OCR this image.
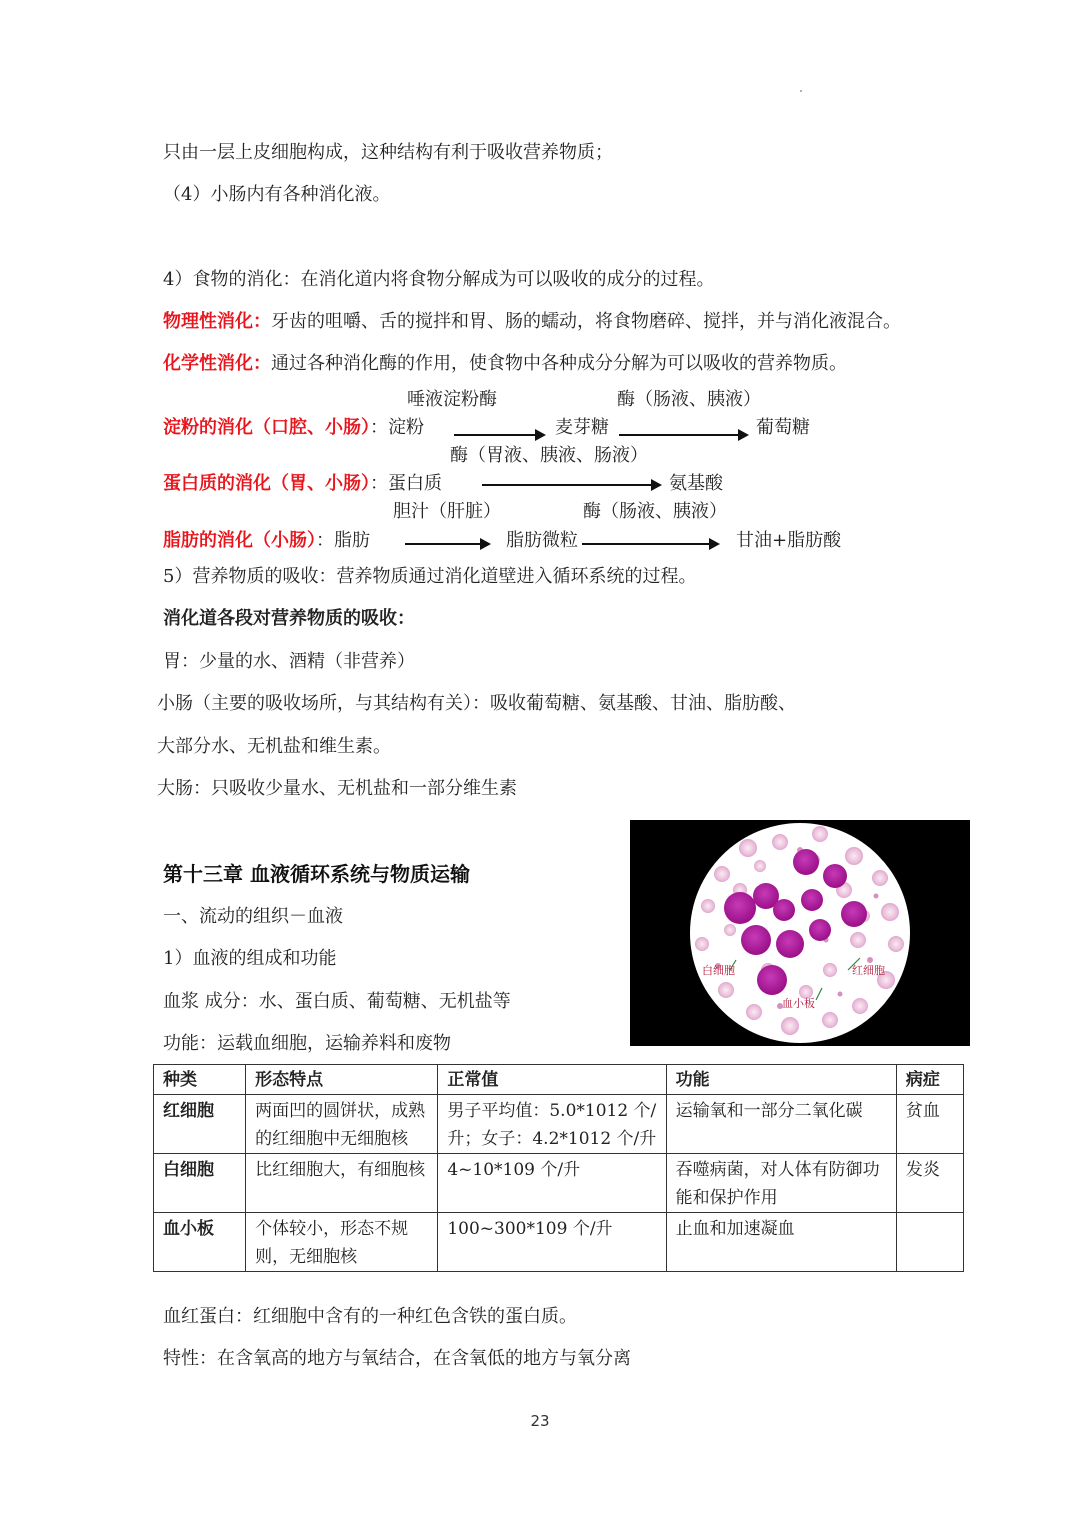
只由一层上皮细胞构成，这种结构有利于吸收营养物质；
（4）小肠内有各种消化液。
4）食物的消化：在消化道内将食物分解成为可以吸收的成分的过程。
物理性消化：牙齿的咀嚼、舌的搅拌和胃、肠的蠕动，将食物磨碎、搅拌，并与消化液混合。
化学性消化：通过各种消化酶的作用，使食物中各种成分分解为可以吸收的营养物质。
唾液淀粉酶	酶（肠液、胰液）
淀粉的消化（口腔、小肠）：淀粉	麦芽糖	葡萄糖
酶（胃液、胰液、肠液）
蛋白质的消化（胃、小肠）：蛋白质	氨基酸
胆汁（肝脏）	酶（肠液、胰液）
脂肪的消化（小肠）：脂肪	脂肪微粒	甘油+脂肪酸
5）营养物质的吸收：营养物质通过消化道壁进入循环系统的过程。
消化道各段对营养物质的吸收：
胃：少量的水、酒精（非营养）
小肠（主要的吸收场所，与其结构有关）：吸收葡萄糖、氨基酸、甘油、脂肪酸、
大部分水、无机盐和维生素。
大肠：只吸收少量水、无机盐和一部分维生素
第十三章 血液循环系统与物质运输
一、流动的组织－血液
1）血液的组成和功能
血浆 成分：水、蛋白质、葡萄糖、无机盐等
功能：运载血细胞，运输养料和废物
白细胞	红细胞
血小板
种类	形态特点	正常值	功能	病症
红细胞	两面凹的圆饼状，成熟的红细胞中无细胞核	男子平均值：5.0*1012 个/升；女子：4.2*1012 个/升	运输氧和一部分二氧化碳	贫血
白细胞	比红细胞大，有细胞核	4~10*109 个/升	吞噬病菌，对人体有防御功能和保护作用	发炎
血小板	个体较小，形态不规则，无细胞核	100~300*109 个/升	止血和加速凝血	
血红蛋白：红细胞中含有的一种红色含铁的蛋白质。
特性：在含氧高的地方与氧结合，在含氧低的地方与氧分离
23
